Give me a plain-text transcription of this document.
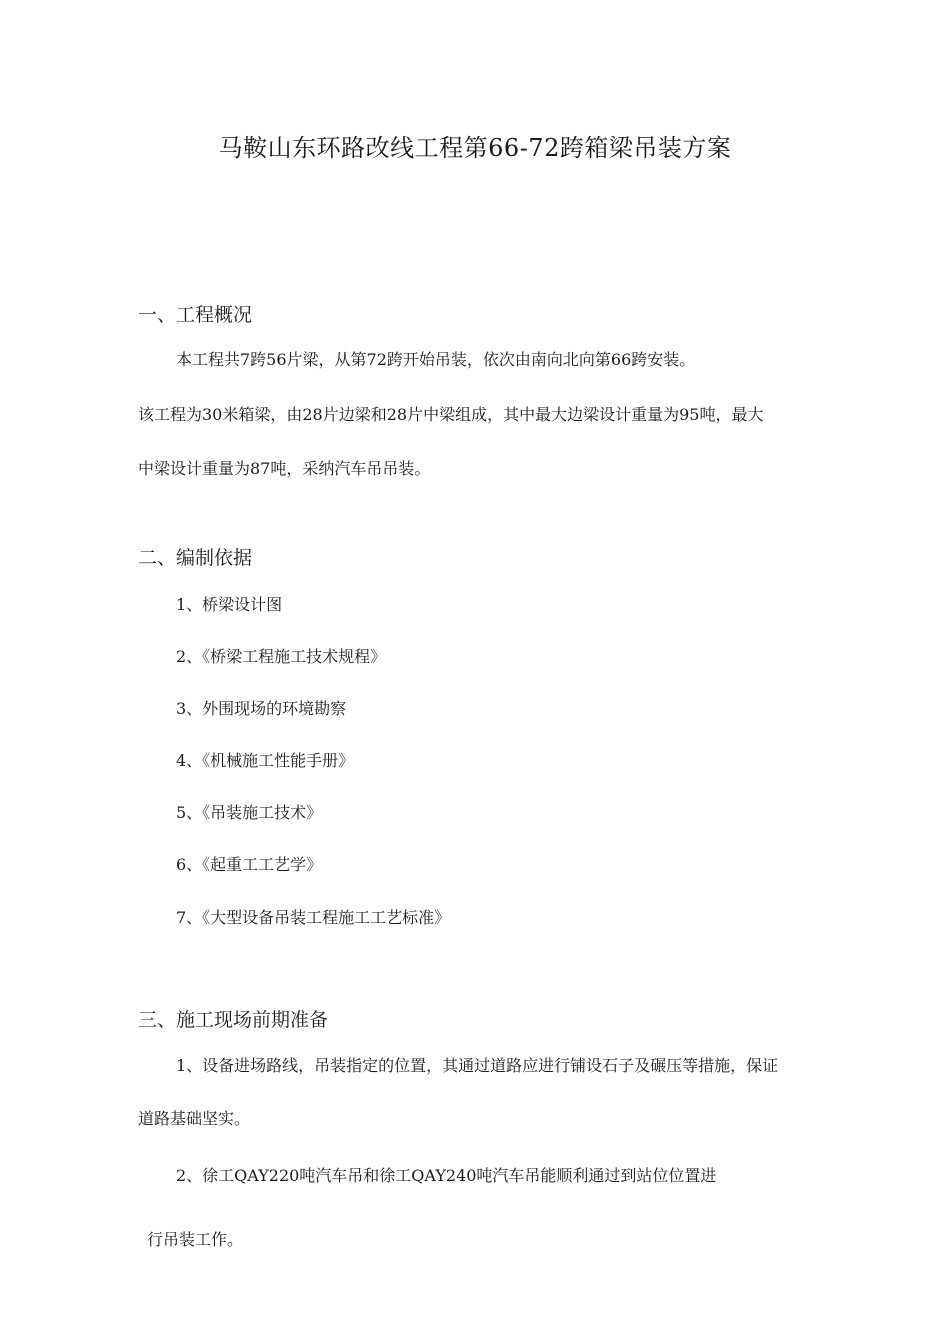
马鞍山东环路改线工程第66-72跨箱梁吊装方案
一、工程概况

本工程共7跨56片梁，从第72跨开始吊装，依次由南向北向第66跨安装。

该工程为30米箱梁，由28片边梁和28片中梁组成，其中最大边梁设计重量为95吨，最大

中梁设计重量为87吨，采纳汽车吊吊装。

二、编制依据

1、桥梁设计图

2、《桥梁工程施工技术规程》

3、外围现场的环境勘察

4、《机械施工性能手册》

5、《吊装施工技术》

6、《起重工工艺学》

7、《大型设备吊装工程施工工艺标准》

三、施工现场前期准备

1、设备进场路线，吊装指定的位置，其通过道路应进行铺设石子及碾压等措施，保证

道路基础坚实。

2、徐工QAY220吨汽车吊和徐工QAY240吨汽车吊能顺利通过到站位位置进

行吊装工作。
